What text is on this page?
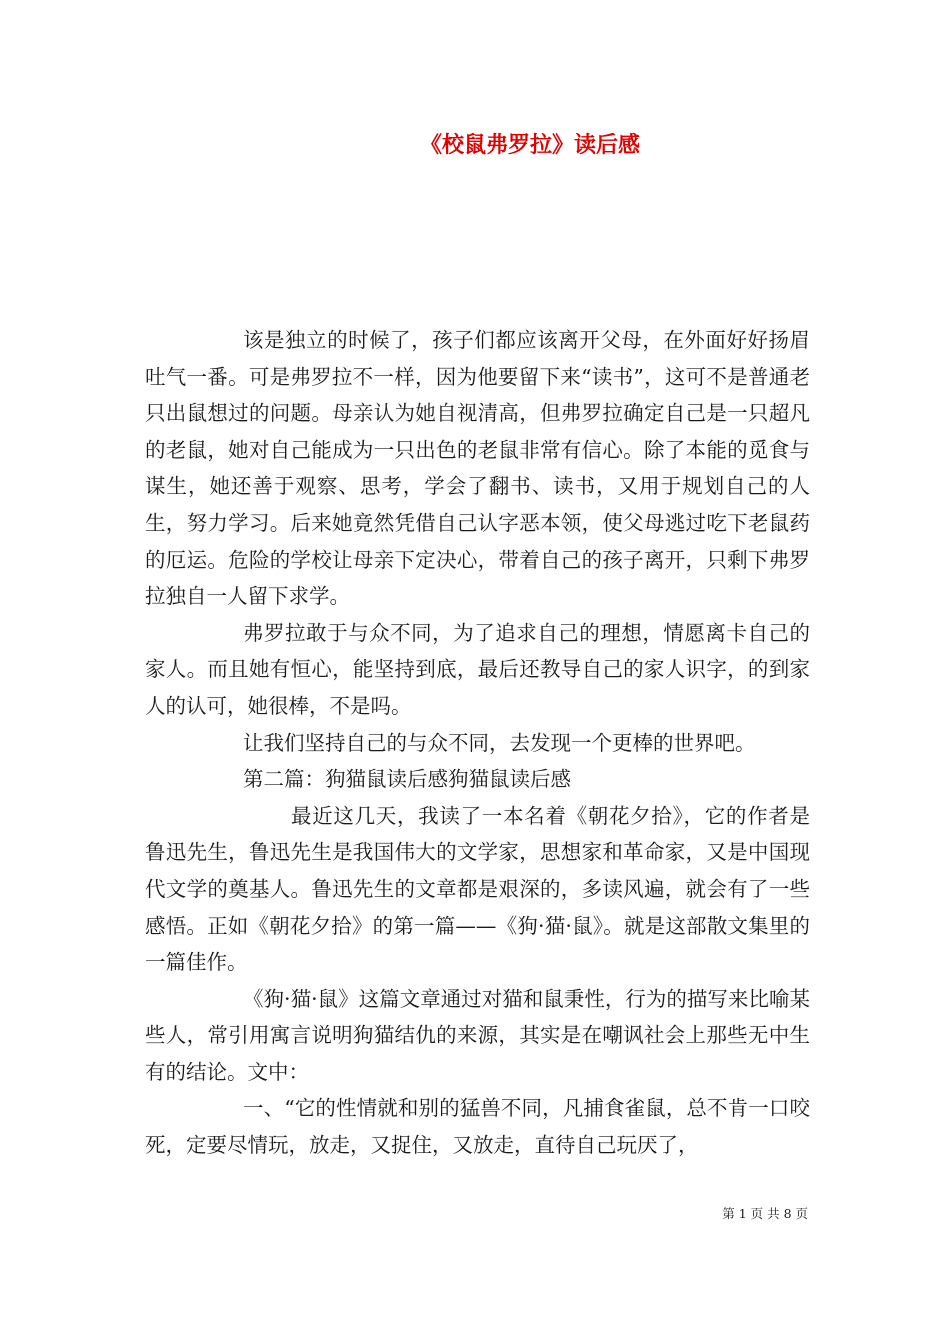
《校鼠弗罗拉》读后感

该是独立的时候了，孩子们都应该离开父母，在外面好好扬眉吐气一番。可是弗罗拉不一样，因为他要留下来“读书”，这可不是普通老只出鼠想过的问题。母亲认为她自视清高，但弗罗拉确定自己是一只超凡的老鼠，她对自己能成为一只出色的老鼠非常有信心。除了本能的觅食与谋生，她还善于观察、思考，学会了翻书、读书，又用于规划自己的人生，努力学习。后来她竟然凭借自己认字恶本领，使父母逃过吃下老鼠药的厄运。危险的学校让母亲下定决心，带着自己的孩子离开，只剩下弗罗拉独自一人留下求学。

弗罗拉敢于与众不同，为了追求自己的理想，情愿离卡自己的家人。而且她有恒心，能坚持到底，最后还教导自己的家人识字，的到家人的认可，她很棒，不是吗。

让我们坚持自己的与众不同，去发现一个更棒的世界吧。

第二篇：狗猫鼠读后感狗猫鼠读后感

最近这几天，我读了一本名着《朝花夕拾》，它的作者是鲁迅先生，鲁迅先生是我国伟大的文学家，思想家和革命家，又是中国现代文学的奠基人。鲁迅先生的文章都是艰深的，多读风遍，就会有了一些感悟。正如《朝花夕拾》的第一篇——《狗·猫·鼠》。就是这部散文集里的一篇佳作。

《狗·猫·鼠》这篇文章通过对猫和鼠秉性，行为的描写来比喻某些人，常引用寓言说明狗猫结仇的来源，其实是在嘲讽社会上那些无中生有的结论。文中：

一、“它的性情就和别的猛兽不同，凡捕食雀鼠，总不肯一口咬死，定要尽情玩，放走，又捉住，又放走，直待自己玩厌了，

第 1 页 共 8 页
